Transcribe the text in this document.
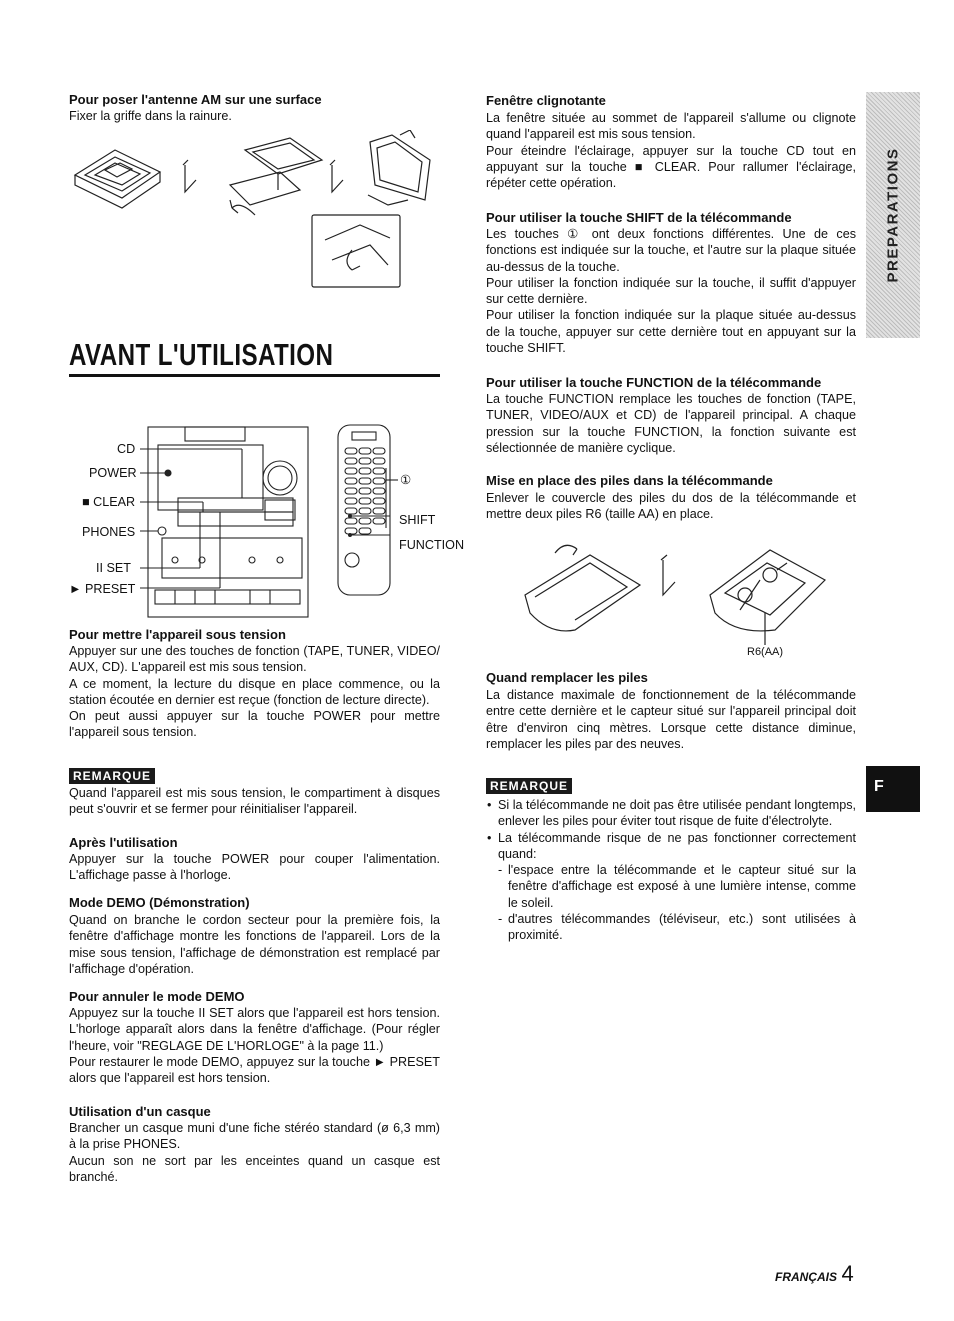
Pour poser l'antenne AM sur une surface
Fixer la griffe dans la rainure.
AVANT L'UTILISATION
CD
POWER
■ CLEAR
PHONES
II SET
► PRESET
①
SHIFT
FUNCTION
Pour mettre l'appareil sous tension

Appuyer sur une des touches de fonction (TAPE, TUNER, VIDEO/ AUX, CD). L'appareil est mis sous tension.

A ce moment, la lecture du disque en place commence, ou la station écoutée en dernier est reçue (fonction de lecture directe).

On peut aussi appuyer sur la touche POWER pour mettre l'appareil sous tension.

REMARQUE
Quand l'appareil est mis sous tension, le compartiment à disques peut s'ouvrir et se fermer pour réinitialiser l'appareil.
Après l'utilisation
Appuyer sur la touche POWER pour couper l'alimentation. L'affichage passe à l'horloge.
Mode DEMO (Démonstration)
Quand on branche le cordon secteur pour la première fois, la fenêtre d'affichage montre les fonctions de l'appareil. Lors de la mise sous tension, l'affichage de démonstration est remplacé par l'affichage d'opération.
Pour annuler le mode DEMO

Appuyez sur la touche II SET alors que l'appareil est hors tension. L'horloge apparaît alors dans la fenêtre d'affichage. (Pour régler l'heure, voir "REGLAGE DE L'HORLOGE" à la page 11.)

Pour restaurer le mode DEMO, appuyez sur la touche ► PRESET alors que l'appareil est hors tension.

Utilisation d'un casque

Brancher un casque muni d'une fiche stéréo standard (ø 6,3 mm) à la prise PHONES.

Aucun son ne sort par les enceintes quand un casque est branché.

Fenêtre clignotante

La fenêtre située au sommet de l'appareil s'allume ou clignote quand l'appareil est mis sous tension.

Pour éteindre l'éclairage, appuyer sur la touche CD tout en appuyant sur la touche ■ CLEAR. Pour rallumer l'éclairage, répéter cette opération.

Pour utiliser la touche SHIFT de la télécommande

Les touches ① ont deux fonctions différentes. Une de ces fonctions est indiquée sur la touche, et l'autre sur la plaque située au-dessus de la touche.

Pour utiliser la fonction indiquée sur la touche, il suffit d'appuyer sur cette dernière.

Pour utiliser la fonction indiquée sur la plaque située au-dessus de la touche, appuyer sur cette dernière tout en appuyant sur la touche SHIFT.

Pour utiliser la touche FUNCTION de la télécommande
La touche FUNCTION remplace les touches de fonction (TAPE, TUNER, VIDEO/AUX et CD) de l'appareil principal. A chaque pression sur la touche FUNCTION, la fonction suivante est sélectionnée de manière cyclique.
Mise en place des piles dans la télécommande
Enlever le couvercle des piles du dos de la télécommande et mettre deux piles R6 (taille AA) en place.
R6(AA)
Quand remplacer les piles
La distance maximale de fonctionnement de la télécommande entre cette dernière et le capteur situé sur l'appareil principal doit être d'environ cinq mètres. Lorsque cette distance diminue, remplacer les piles par des neuves.
REMARQUE
• Si la télécommande ne doit pas être utilisée pendant longtemps, enlever les piles pour éviter tout risque de fuite d'électrolyte.
• La télécommande risque de ne pas fonctionner correctement quand:
- l'espace entre la télécommande et le capteur situé sur la fenêtre d'affichage est exposé à une lumière intense, comme le soleil.
- d'autres télécommandes (téléviseur, etc.) sont utilisées à proximité.
PREPARATIONS
F
FRANÇAIS 4
